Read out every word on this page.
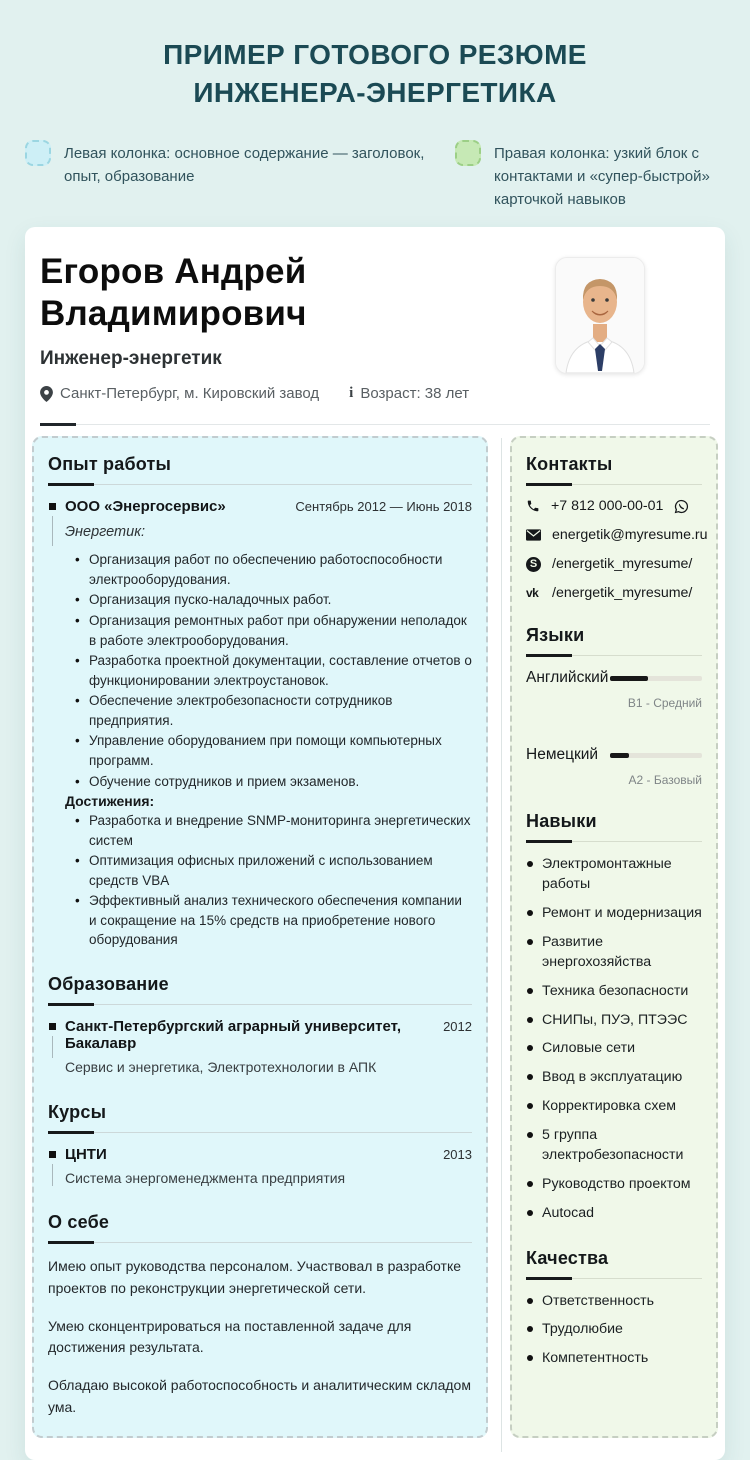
ПРИМЕР ГОТОВОГО РЕЗЮМЕ
ИНЖЕНЕРА-ЭНЕРГЕТИКА
Левая колонка: основное содержание — заголовок, опыт, образование
Правая колонка: узкий блок с контактами и «супер-быстрой» карточкой навыков
Егоров Андрей
Владимирович
Инженер-энергетик
Санкт-Петербург, м. Кировский завод i Возраст: 38 лет
Опыт работы
ООО «Энергосервис»	Сентябрь 2012 — Июнь 2018
Энергетик:
• Организация работ по обеспечению работоспособности электрооборудования.
• Организация пуско-наладочных работ.
• Организация ремонтных работ при обнаружении неполадок в работе электрооборудования.
• Разработка проектной документации, составление отчетов о функционировании электроустановок.
• Обеспечение электробезопасности сотрудников предприятия.
• Управление оборудованием при помощи компьютерных программ.
• Обучение сотрудников и прием экзаменов.
Достижения:
• Разработка и внедрение SNMP-мониторинга энергетических систем
• Оптимизация офисных приложений с использованием средств VBA
• Эффективный анализ технического обеспечения компании и сокращение на 15% средств на приобретение нового оборудования
Образование
Санкт-Петербургский аграрный университет, Бакалавр
2012
Сервис и энергетика, Электротехнологии в АПК
Курсы
ЦНТИ	2013
Система энергоменеджмента предприятия
О себе

Имею опыт руководства персоналом. Участвовал в разработке проектов по реконструкции энергетической сети.

Умею сконцентрироваться на поставленной задаче для достижения результата.

Обладаю высокой работоспособность и аналитическим складом ума.

Контакты
+7 812 000-00-01
energetik@myresume.ru
S /energetik_myresume/
vk /energetik_myresume/
Языки
Английский
B1 - Средний
Немецкий
A2 - Базовый
Навыки
Электромонтажные работы
Ремонт и модернизация
Развитие энергохозяйства
Техника безопасности
СНИПы, ПУЭ, ПТЭЭС
Силовые сети
Ввод в эксплуатацию
Корректировка схем
5 группа электробезопасности
Руководство проектом
Autocad
Качества
Ответственность
Трудолюбие
Компетентность
